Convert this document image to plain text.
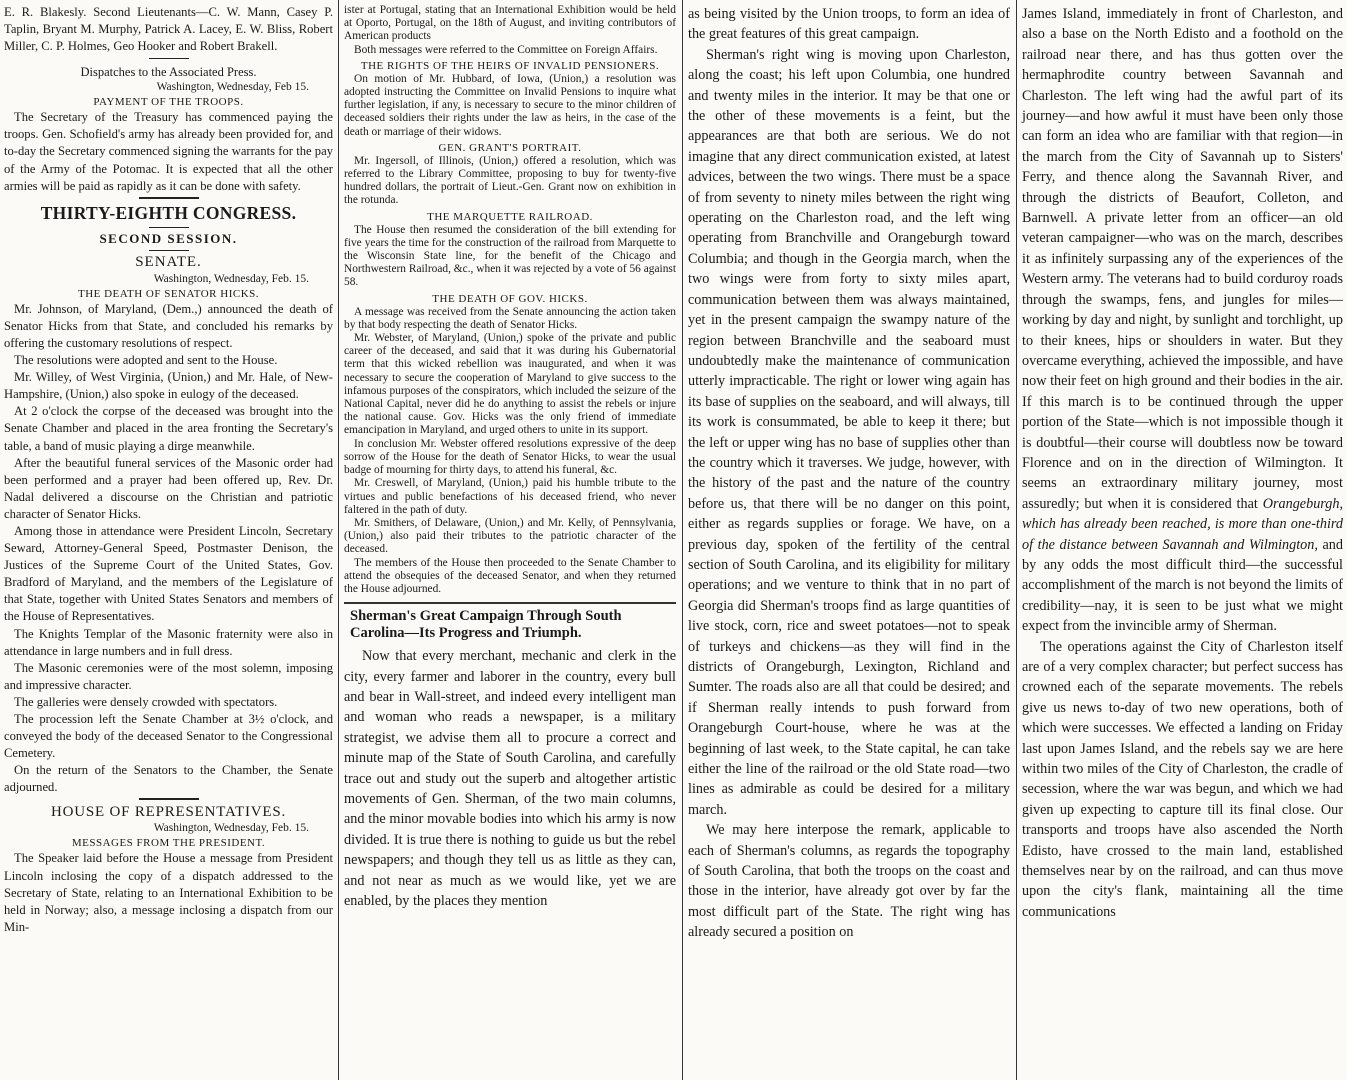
E. R. Blakesly. Second Lieutenants—C. W. Mann, Casey P. Taplin, Bryant M. Murphy, Patrick A. Lacey, E. W. Bliss, Robert Miller, C. P. Holmes, Geo Hooker and Robert Brakell.

Dispatches to the Associated Press.
Washington, Wednesday, Feb 15.
PAYMENT OF THE TROOPS.

The Secretary of the Treasury has commenced paying the troops. Gen. Schofield's army has already been provided for, and to-day the Secretary commenced signing the warrants for the pay of the Army of the Potomac. It is expected that all the other armies will be paid as rapidly as it can be done with safety.

THIRTY-EIGHTH CONGRESS.
SECOND SESSION.
SENATE.
Washington, Wednesday, Feb. 15.
THE DEATH OF SENATOR HICKS.

Mr. Johnson, of Maryland, (Dem.,) announced the death of Senator Hicks from that State, and concluded his remarks by offering the customary resolutions of respect.

The resolutions were adopted and sent to the House.

Mr. Willey, of West Virginia, (Union,) and Mr. Hale, of New-Hampshire, (Union,) also spoke in eulogy of the deceased.

At 2 o'clock the corpse of the deceased was brought into the Senate Chamber and placed in the area fronting the Secretary's table, a band of music playing a dirge meanwhile.

After the beautiful funeral services of the Masonic order had been performed and a prayer had been offered up, Rev. Dr. Nadal delivered a discourse on the Christian and patriotic character of Senator Hicks.

Among those in attendance were President Lincoln, Secretary Seward, Attorney-General Speed, Postmaster Denison, the Justices of the Supreme Court of the United States, Gov. Bradford of Maryland, and the members of the Legislature of that State, together with United States Senators and members of the House of Representatives.

The Knights Templar of the Masonic fraternity were also in attendance in large numbers and in full dress.

The Masonic ceremonies were of the most solemn, imposing and impressive character.

The galleries were densely crowded with spectators.

The procession left the Senate Chamber at 3½ o'clock, and conveyed the body of the deceased Senator to the Congressional Cemetery.

On the return of the Senators to the Chamber, the Senate adjourned.

HOUSE OF REPRESENTATIVES.
Washington, Wednesday, Feb. 15.
MESSAGES FROM THE PRESIDENT.

The Speaker laid before the House a message from President Lincoln inclosing the copy of a dispatch addressed to the Secretary of State, relating to an International Exhibition to be held in Norway; also, a message inclosing a dispatch from our Min-

ister at Portugal, stating that an International Exhibition would be held at Oporto, Portugal, on the 18th of August, and inviting contributors of American products

Both messages were referred to the Committee on Foreign Affairs.

THE RIGHTS OF THE HEIRS OF INVALID PENSIONERS.

On motion of Mr. Hubbard, of Iowa, (Union,) a resolution was adopted instructing the Committee on Invalid Pensions to inquire what further legislation, if any, is necessary to secure to the minor children of deceased soldiers their rights under the law as heirs, in the case of the death or marriage of their widows.

GEN. GRANT'S PORTRAIT.

Mr. Ingersoll, of Illinois, (Union,) offered a resolution, which was referred to the Library Committee, proposing to buy for twenty-five hundred dollars, the portrait of Lieut.-Gen. Grant now on exhibition in the rotunda.

THE MARQUETTE RAILROAD.

The House then resumed the consideration of the bill extending for five years the time for the construction of the railroad from Marquette to the Wisconsin State line, for the benefit of the Chicago and Northwestern Railroad, &c., when it was rejected by a vote of 56 against 58.

THE DEATH OF GOV. HICKS.

A message was received from the Senate announcing the action taken by that body respecting the death of Senator Hicks.

Mr. Webster, of Maryland, (Union,) spoke of the private and public career of the deceased, and said that it was during his Gubernatorial term that this wicked rebellion was inaugurated, and when it was necessary to secure the cooperation of Maryland to give success to the infamous purposes of the conspirators, which included the seizure of the National Capital, never did he do anything to assist the rebels or injure the national cause. Gov. Hicks was the only friend of immediate emancipation in Maryland, and urged others to unite in its support.

In conclusion Mr. Webster offered resolutions expressive of the deep sorrow of the House for the death of Senator Hicks, to wear the usual badge of mourning for thirty days, to attend his funeral, &c.

Mr. Creswell, of Maryland, (Union,) paid his humble tribute to the virtues and public benefactions of his deceased friend, who never faltered in the path of duty.

Mr. Smithers, of Delaware, (Union,) and Mr. Kelly, of Pennsylvania, (Union,) also paid their tributes to the patriotic character of the deceased.

The members of the House then proceeded to the Senate Chamber to attend the obsequies of the deceased Senator, and when they returned the House adjourned.

Sherman's Great Campaign Through South Carolina—Its Progress and Triumph.

Now that every merchant, mechanic and clerk in the city, every farmer and laborer in the country, every bull and bear in Wall-street, and indeed every intelligent man and woman who reads a newspaper, is a military strategist, we advise them all to procure a correct and minute map of the State of South Carolina, and carefully trace out and study out the superb and altogether artistic movements of Gen. Sherman, of the two main columns, and the minor movable bodies into which his army is now divided. It is true there is nothing to guide us but the rebel newspapers; and though they tell us as little as they can, and not near as much as we would like, yet we are enabled, by the places they mention

as being visited by the Union troops, to form an idea of the great features of this great campaign.

Sherman's right wing is moving upon Charleston, along the coast; his left upon Columbia, one hundred and twenty miles in the interior. It may be that one or the other of these movements is a feint, but the appearances are that both are serious. We do not imagine that any direct communication existed, at latest advices, between the two wings. There must be a space of from seventy to ninety miles between the right wing operating on the Charleston road, and the left wing operating from Branchville and Orangeburgh toward Columbia; and though in the Georgia march, when the two wings were from forty to sixty miles apart, communication between them was always maintained, yet in the present campaign the swampy nature of the region between Branchville and the seaboard must undoubtedly make the maintenance of communication utterly impracticable. The right or lower wing again has its base of supplies on the seaboard, and will always, till its work is consummated, be able to keep it there; but the left or upper wing has no base of supplies other than the country which it traverses. We judge, however, with the history of the past and the nature of the country before us, that there will be no danger on this point, either as regards supplies or forage. We have, on a previous day, spoken of the fertility of the central section of South Carolina, and its eligibility for military operations; and we venture to think that in no part of Georgia did Sherman's troops find as large quantities of live stock, corn, rice and sweet potatoes—not to speak of turkeys and chickens—as they will find in the districts of Orangeburgh, Lexington, Richland and Sumter. The roads also are all that could be desired; and if Sherman really intends to push forward from Orangeburgh Court-house, where he was at the beginning of last week, to the State capital, he can take either the line of the railroad or the old State road—two lines as admirable as could be desired for a military march.

We may here interpose the remark, applicable to each of Sherman's columns, as regards the topography of South Carolina, that both the troops on the coast and those in the interior, have already got over by far the most difficult part of the State. The right wing has already secured a position on

James Island, immediately in front of Charleston, and also a base on the North Edisto and a foothold on the railroad near there, and has thus gotten over the hermaphrodite country between Savannah and Charleston. The left wing had the awful part of its journey—and how awful it must have been only those can form an idea who are familiar with that region—in the march from the City of Savannah up to Sisters' Ferry, and thence along the Savannah River, and through the districts of Beaufort, Colleton, and Barnwell. A private letter from an officer—an old veteran campaigner—who was on the march, describes it as infinitely surpassing any of the experiences of the Western army. The veterans had to build corduroy roads through the swamps, fens, and jungles for miles—working by day and night, by sunlight and torchlight, up to their knees, hips or shoulders in water. But they overcame everything, achieved the impossible, and have now their feet on high ground and their bodies in the air. If this march is to be continued through the upper portion of the State—which is not impossible though it is doubtful—their course will doubtless now be toward Florence and on in the direction of Wilmington. It seems an extraordinary military journey, most assuredly; but when it is considered that Orangeburgh, which has already been reached, is more than one-third of the distance between Savannah and Wilmington, and by any odds the most difficult third—the successful accomplishment of the march is not beyond the limits of credibility—nay, it is seen to be just what we might expect from the invincible army of Sherman.

The operations against the City of Charleston itself are of a very complex character; but perfect success has crowned each of the separate movements. The rebels give us news to-day of two new operations, both of which were successes. We effected a landing on Friday last upon James Island, and the rebels say we are here within two miles of the City of Charleston, the cradle of secession, where the war was begun, and which we had given up expecting to capture till its final close. Our transports and troops have also ascended the North Edisto, have crossed to the main land, established themselves near by on the railroad, and can thus move upon the city's flank, maintaining all the time communications
